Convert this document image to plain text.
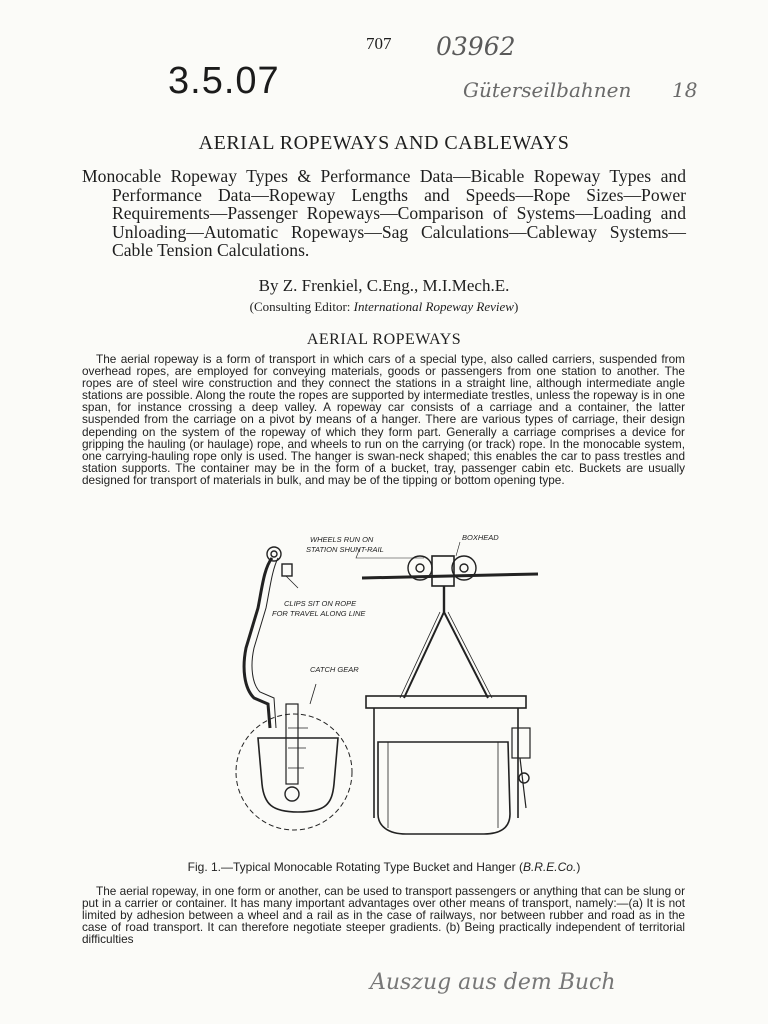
707 03962
3.5.07	Güterseilbahnen 18
AERIAL ROPEWAYS AND CABLEWAYS
Monocable Ropeway Types & Performance Data—Bicable Ropeway Types and Performance Data—Ropeway Lengths and Speeds—Rope Sizes—Power Requirements—Passenger Ropeways—Comparison of Systems—Loading and Unloading—Automatic Ropeways—Sag Calculations—Cableway Systems—Cable Tension Calculations.
By Z. Frenkiel, C.Eng., M.I.Mech.E.
(Consulting Editor: International Ropeway Review)
AERIAL ROPEWAYS
The aerial ropeway is a form of transport in which cars of a special type, also called carriers, suspended from overhead ropes, are employed for conveying materials, goods or passengers from one station to another. The ropes are of steel wire construction and they connect the stations in a straight line, although intermediate angle stations are possible. Along the route the ropes are supported by intermediate trestles, unless the ropeway is in one span, for instance crossing a deep valley. A ropeway car consists of a carriage and a container, the latter suspended from the carriage on a pivot by means of a hanger. There are various types of carriage, their design depending on the system of the ropeway of which they form part. Generally a carriage comprises a device for gripping the hauling (or haulage) rope, and wheels to run on the carrying (or track) rope. In the monocable system, one carrying-hauling rope only is used. The hanger is swan-neck shaped; this enables the car to pass trestles and station supports. The container may be in the form of a bucket, tray, passenger cabin etc. Buckets are usually designed for transport of materials in bulk, and may be of the tipping or bottom opening type.
WHEELS RUN ON
STATION SHUNT-RAIL
BOXHEAD
CLIPS SIT ON ROPE
FOR TRAVEL ALONG LINE
CATCH GEAR
Fig. 1.—Typical Monocable Rotating Type Bucket and Hanger (B.R.E.Co.)
The aerial ropeway, in one form or another, can be used to transport passengers or anything that can be slung or put in a carrier or container. It has many important advantages over other means of transport, namely:—(a) It is not limited by adhesion between a wheel and a rail as in the case of railways, nor between rubber and road as in the case of road transport. It can therefore negotiate steeper gradients. (b) Being practically independent of territorial difficulties
Auszug aus dem Buch
